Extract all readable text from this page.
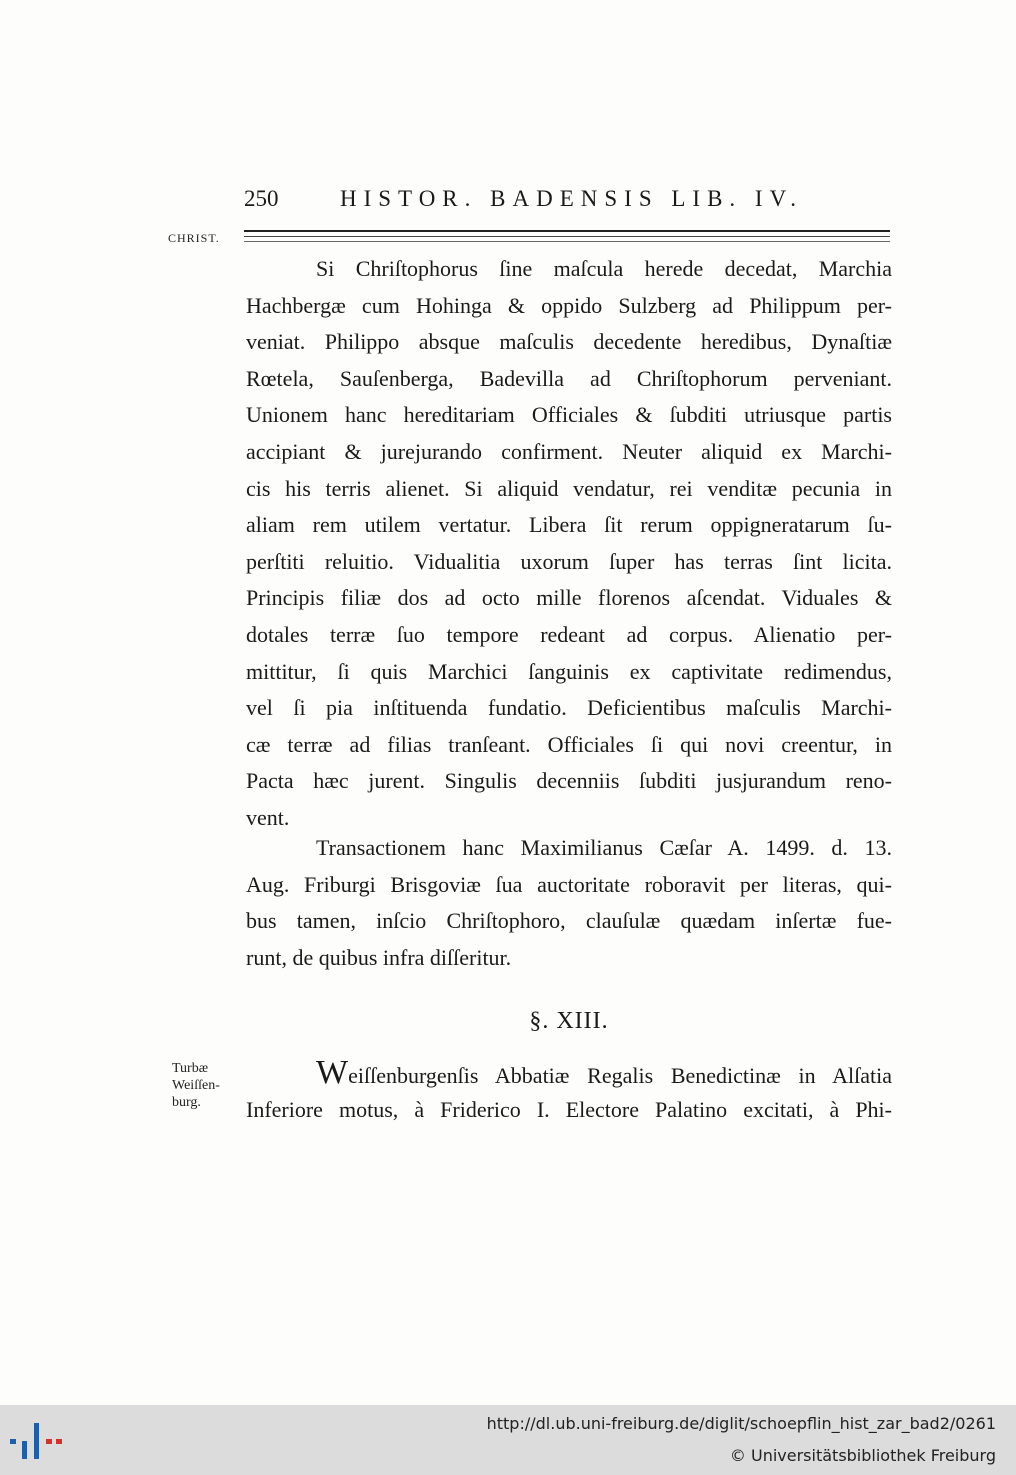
250	HISTOR. BADENSIS LIB. IV.
CHRIST.
Si Chriſtophorus ſine maſcula herede decedat, Marchia
Hachbergæ cum Hohinga & oppido Sulzberg ad Philippum per-
veniat. Philippo absque maſculis decedente heredibus, Dynaſtiæ
Rœtela, Sauſenberga, Badevilla ad Chriſtophorum perveniant.
Unionem hanc hereditariam Officiales & ſubditi utriusque partis
accipiant & jurejurando confirment. Neuter aliquid ex Marchi-
cis his terris alienet. Si aliquid vendatur, rei venditæ pecunia in
aliam rem utilem vertatur. Libera ſit rerum oppigneratarum ſu-
perſtiti reluitio. Vidualitia uxorum ſuper has terras ſint licita.
Principis filiæ dos ad octo mille florenos aſcendat. Viduales &
dotales terræ ſuo tempore redeant ad corpus. Alienatio per-
mittitur, ſi quis Marchici ſanguinis ex captivitate redimendus,
vel ſi pia inſtituenda fundatio. Deficientibus maſculis Marchi-
cæ terræ ad filias tranſeant. Officiales ſi qui novi creentur, in
Pacta hæc jurent. Singulis decenniis ſubditi jusjurandum reno-
vent.
Transactionem hanc Maximilianus Cæſar A. 1499. d. 13.
Aug. Friburgi Brisgoviæ ſua auctoritate roboravit per literas, qui-
bus tamen, inſcio Chriſtophoro, clauſulæ quædam inſertæ fue-
runt, de quibus infra diſſeritur.
§. XIII.
Turbæ
Weiſſen-
burg.
Weiſſenburgenſis Abbatiæ Regalis Benedictinæ in Alſatia
Inferiore motus, à Friderico I. Electore Palatino excitati, à Phi-
http://dl.ub.uni-freiburg.de/diglit/schoepflin_hist_zar_bad2/0261
© Universitätsbibliothek Freiburg
